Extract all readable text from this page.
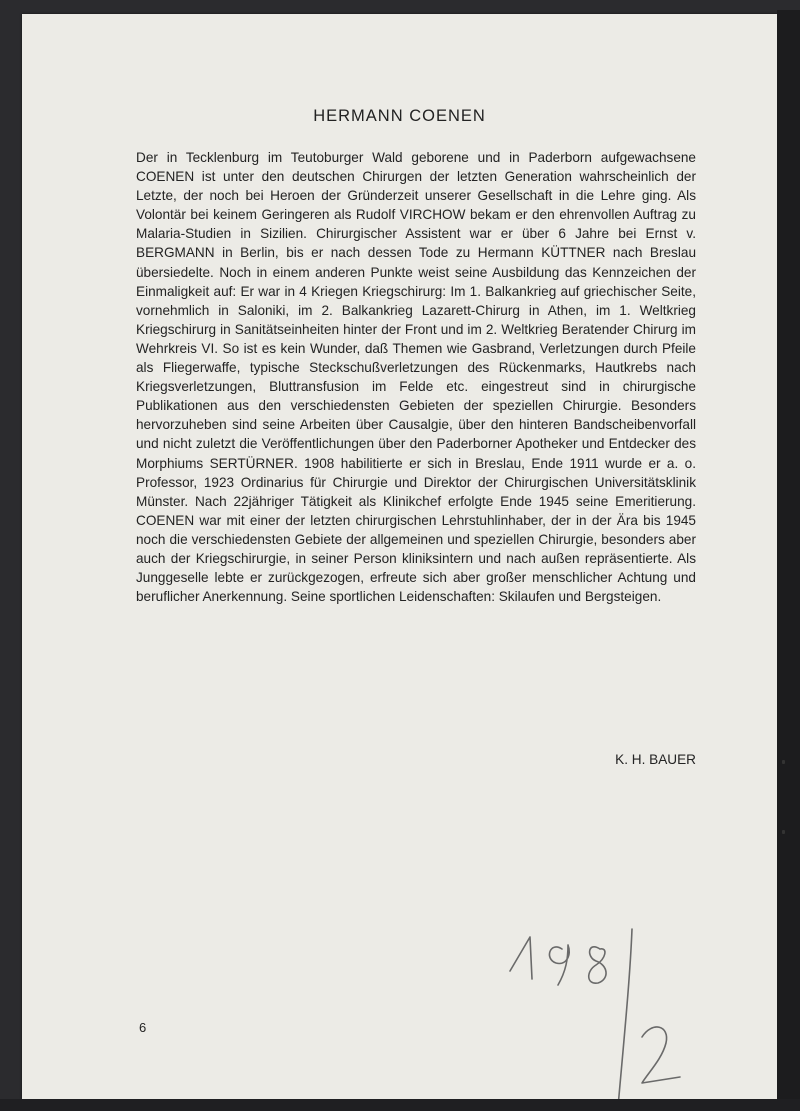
HERMANN COENEN
Der in Tecklenburg im Teutoburger Wald geborene und in Paderborn aufgewachsene COENEN ist unter den deutschen Chirurgen der letzten Generation wahrscheinlich der Letzte, der noch bei Heroen der Gründerzeit unserer Gesellschaft in die Lehre ging. Als Volontär bei keinem Geringeren als Rudolf VIRCHOW bekam er den ehrenvollen Auftrag zu Malaria-Studien in Sizilien. Chirurgischer Assistent war er über 6 Jahre bei Ernst v. BERGMANN in Berlin, bis er nach dessen Tode zu Hermann KÜTTNER nach Breslau übersiedelte. Noch in einem anderen Punkte weist seine Ausbildung das Kennzeichen der Einmaligkeit auf: Er war in 4 Kriegen Kriegschirurg: Im 1. Balkankrieg auf griechischer Seite, vornehmlich in Saloniki, im 2. Balkankrieg Lazarett-Chirurg in Athen, im 1. Weltkrieg Kriegschirurg in Sanitätseinheiten hinter der Front und im 2. Weltkrieg Beratender Chirurg im Wehrkreis VI. So ist es kein Wunder, daß Themen wie Gasbrand, Verletzungen durch Pfeile als Fliegerwaffe, typische Steckschußverletzungen des Rückenmarks, Hautkrebs nach Kriegsverletzungen, Bluttransfusion im Felde etc. eingestreut sind in chirurgische Publikationen aus den verschiedensten Gebieten der speziellen Chirurgie. Besonders hervorzuheben sind seine Arbeiten über Causalgie, über den hinteren Bandscheibenvorfall und nicht zuletzt die Veröffentlichungen über den Paderborner Apotheker und Entdecker des Morphiums SERTÜRNER. 1908 habilitierte er sich in Breslau, Ende 1911 wurde er a. o. Professor, 1923 Ordinarius für Chirurgie und Direktor der Chirurgischen Universitätsklinik Münster. Nach 22jähriger Tätigkeit als Klinikchef erfolgte Ende 1945 seine Emeritierung. COENEN war mit einer der letzten chirurgischen Lehrstuhlinhaber, der in der Ära bis 1945 noch die verschiedensten Gebiete der allgemeinen und speziellen Chirurgie, besonders aber auch der Kriegschirurgie, in seiner Person kliniksintern und nach außen repräsentierte. Als Junggeselle lebte er zurückgezogen, erfreute sich aber großer menschlicher Achtung und beruflicher Anerkennung. Seine sportlichen Leidenschaften: Skilaufen und Bergsteigen.
K. H. BAUER
6
